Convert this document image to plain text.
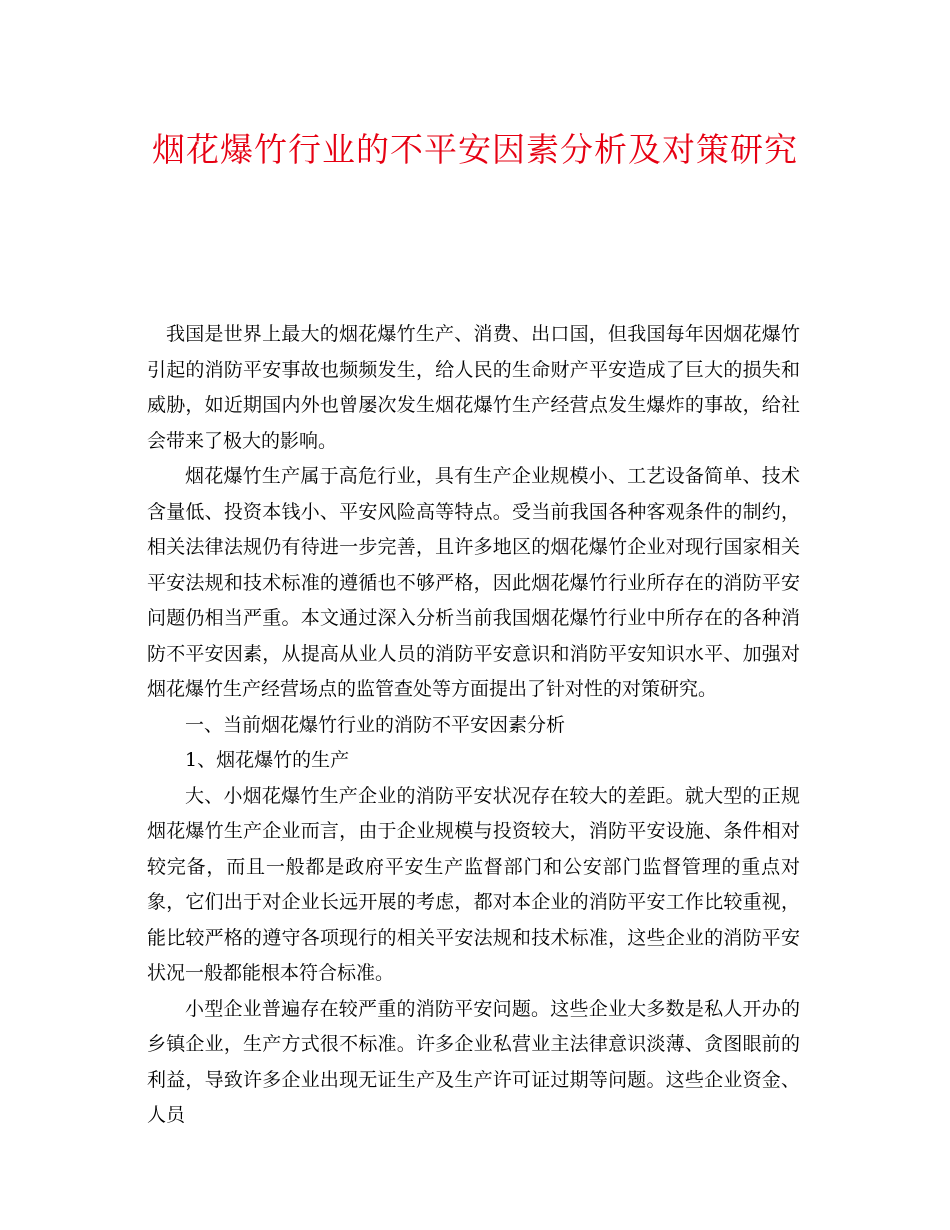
烟花爆竹行业的不平安因素分析及对策研究

我国是世界上最大的烟花爆竹生产、消费、出口国，但我国每年因烟花爆竹引起的消防平安事故也频频发生，给人民的生命财产平安造成了巨大的损失和威胁，如近期国内外也曾屡次发生烟花爆竹生产经营点发生爆炸的事故，给社会带来了极大的影响。

烟花爆竹生产属于高危行业，具有生产企业规模小、工艺设备简单、技术含量低、投资本钱小、平安风险高等特点。受当前我国各种客观条件的制约，相关法律法规仍有待进一步完善，且许多地区的烟花爆竹企业对现行国家相关平安法规和技术标准的遵循也不够严格，因此烟花爆竹行业所存在的消防平安问题仍相当严重。本文通过深入分析当前我国烟花爆竹行业中所存在的各种消防不平安因素，从提高从业人员的消防平安意识和消防平安知识水平、加强对烟花爆竹生产经营场点的监管查处等方面提出了针对性的对策研究。

一、当前烟花爆竹行业的消防不平安因素分析

1、烟花爆竹的生产

大、小烟花爆竹生产企业的消防平安状况存在较大的差距。就大型的正规烟花爆竹生产企业而言，由于企业规模与投资较大，消防平安设施、条件相对较完备，而且一般都是政府平安生产监督部门和公安部门监督管理的重点对象，它们出于对企业长远开展的考虑，都对本企业的消防平安工作比较重视，能比较严格的遵守各项现行的相关平安法规和技术标准，这些企业的消防平安状况一般都能根本符合标准。

小型企业普遍存在较严重的消防平安问题。这些企业大多数是私人开办的乡镇企业，生产方式很不标准。许多企业私营业主法律意识淡薄、贪图眼前的利益，导致许多企业出现无证生产及生产许可证过期等问题。这些企业资金、人员
